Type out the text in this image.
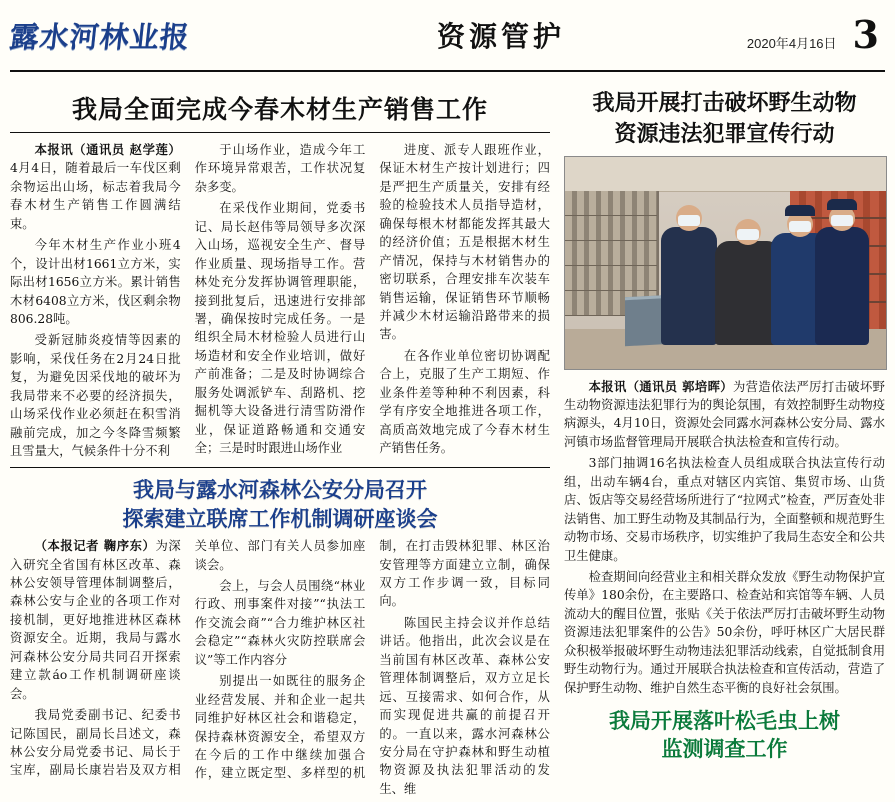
露水河林业报	资源管护	2020年4月16日 3
我局全面完成今春木材生产销售工作

本报讯（通讯员 赵学莲）4月4日，随着最后一车伐区剩余物运出山场，标志着我局今春木材生产销售工作圆满结束。

今年木材生产作业小班4个，设计出材1661立方米，实际出材1656立方米。累计销售木材6408立方米，伐区剩余物806.28吨。

受新冠肺炎疫情等因素的影响，采伐任务在2月24日批复，为避免因采伐地的破坏为我局带来不必要的经济损失，山场采伐作业必须赶在积雪消融前完成，加之今冬降雪频繁且雪量大，气候条件十分不利

于山场作业，造成今年工作环境异常艰苦，工作状况复杂多变。

在采伐作业期间，党委书记、局长赵伟等局领导多次深入山场，巡视安全生产、督导作业质量、现场指导工作。营林处充分发挥协调管理职能，接到批复后，迅速进行安排部署，确保按时完成任务。一是组织全局木材检验人员进行山场造材和安全作业培训，做好产前准备；二是及时协调综合服务处调派铲车、刮路机、挖掘机等大设备进行清雪防滑作业，保证道路畅通和交通安全；三是时时跟进山场作业

进度、派专人跟班作业，保证木材生产按计划进行；四是严把生产质量关，安排有经验的检验技术人员指导造材，确保每根木材都能发挥其最大的经济价值；五是根据木材生产情况，保持与木材销售办的密切联系，合理安排车次装车销售运输，保证销售环节顺畅并减少木材运输沿路带来的损害。

在各作业单位密切协调配合上，克服了生产工期短、作业条件差等种种不利因素，科学有序安全地推进各项工作，高质高效地完成了今春木材生产销售任务。

我局与露水河森林公安分局召开
探索建立联席工作机制调研座谈会

（本报记者 鞠序东）为深入研究全省国有林区改革、森林公安领导管理体制调整后，森林公安与企业的各项工作对接机制，更好地推进林区森林资源安全。近期，我局与露水河森林公安分局共同召开探索建立款áo工作机制调研座谈会。

我局党委副书记、纪委书记陈国民，副局长吕述文，森林公安分局党委书记、局长于宝库，副局长康岩岩及双方相关单位、部门有关人员参加座谈会。

会上，与会人员围绕“林业行政、刑事案件对接”“执法工作交流会商”“合力维护林区社会稳定”“森林火灾防控联席会议”等工作内容分

别提出一如既往的服务企业经营发展、并和企业一起共同维护好林区社会和谐稳定，保持森林资源安全，希望双方在今后的工作中继续加强合作，建立既定型、多样型的机制，在打击毁林犯罪、林区治安管理等方面建立立制，确保双方工作步调一致，目标同向。

陈国民主持会议并作总结讲话。他指出，此次会议是在当前国有林区改革、森林公安管理体制调整后，双方立足长远、互接需求、如何合作，从而实现促进共赢的前提召开的。一直以来，露水河森林公安分局在守护森林和野生动植物资源及执法犯罪活动的发生、维

我局开展打击破坏野生动物
资源违法犯罪宣传行动

本报讯（通讯员 郭培晖）为营造依法严厉打击破坏野生动物资源违法犯罪行为的舆论氛围，有效控制野生动物疫病源头，4月10日，资源处会同露水河森林公安分局、露水河镇市场监督管理局开展联合执法检查和宣传行动。

3部门抽调16名执法检查人员组成联合执法宣传行动组，出动车辆4台，重点对辖区内宾馆、集贸市场、山货店、饭店等交易经营场所进行了“拉网式”检查，严厉查处非法销售、加工野生动物及其制品行为，全面整顿和规范野生动物市场、交易市场秩序，切实维护了我局生态安全和公共卫生健康。

检查期间向经营业主和相关群众发放《野生动物保护宣传单》180余份，在主要路口、检查站和宾馆等车辆、人员流动大的醒目位置，张贴《关于依法严厉打击破坏野生动物资源违法犯罪案件的公告》50余份，呼吁林区广大居民群众积极举报破坏野生动物违法犯罪活动线索，自觉抵制食用野生动物行为。通过开展联合执法检查和宣传活动，营造了保护野生动物、维护自然生态平衡的良好社会氛围。

我局开展落叶松毛虫上树
监测调查工作
